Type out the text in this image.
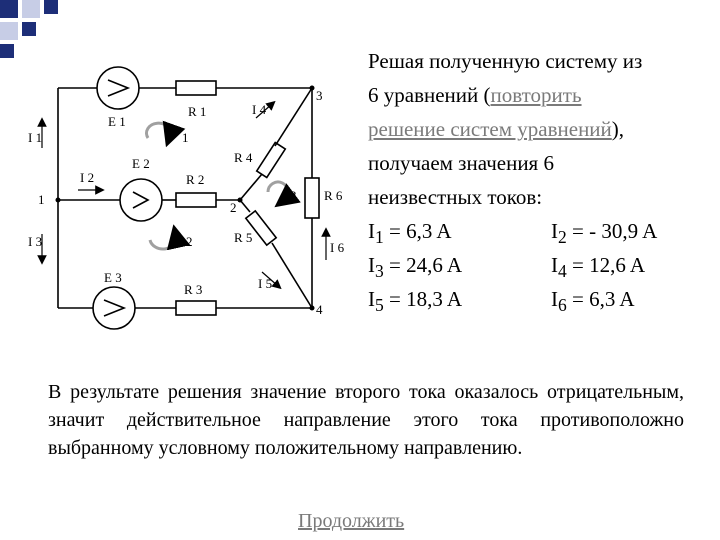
1
2
3
4
R 1
R 2
R 3
R 4
R 5
R 6
E 1
E 2
E 3
I 1
I 2
I 3
I 4
I 5
I 6
1
2
3

Решая полученную систему из

6 уравнений (повторить

решение систем уравнений),

получаем значения 6

неизвестных токов:

$I_1 = 6,3$ A	$I_2$ = - 30,9 A
$I_3 = 24,6$ A	$I_4 = 12,6$ A
$I_5 = 18,3$ A	$I_6 = 6,3$ A

В результате решения значение второго тока оказалось отрицательным, значит действительное направление этого тока противоположно выбранному условному положительному направлению.

Продолжить
